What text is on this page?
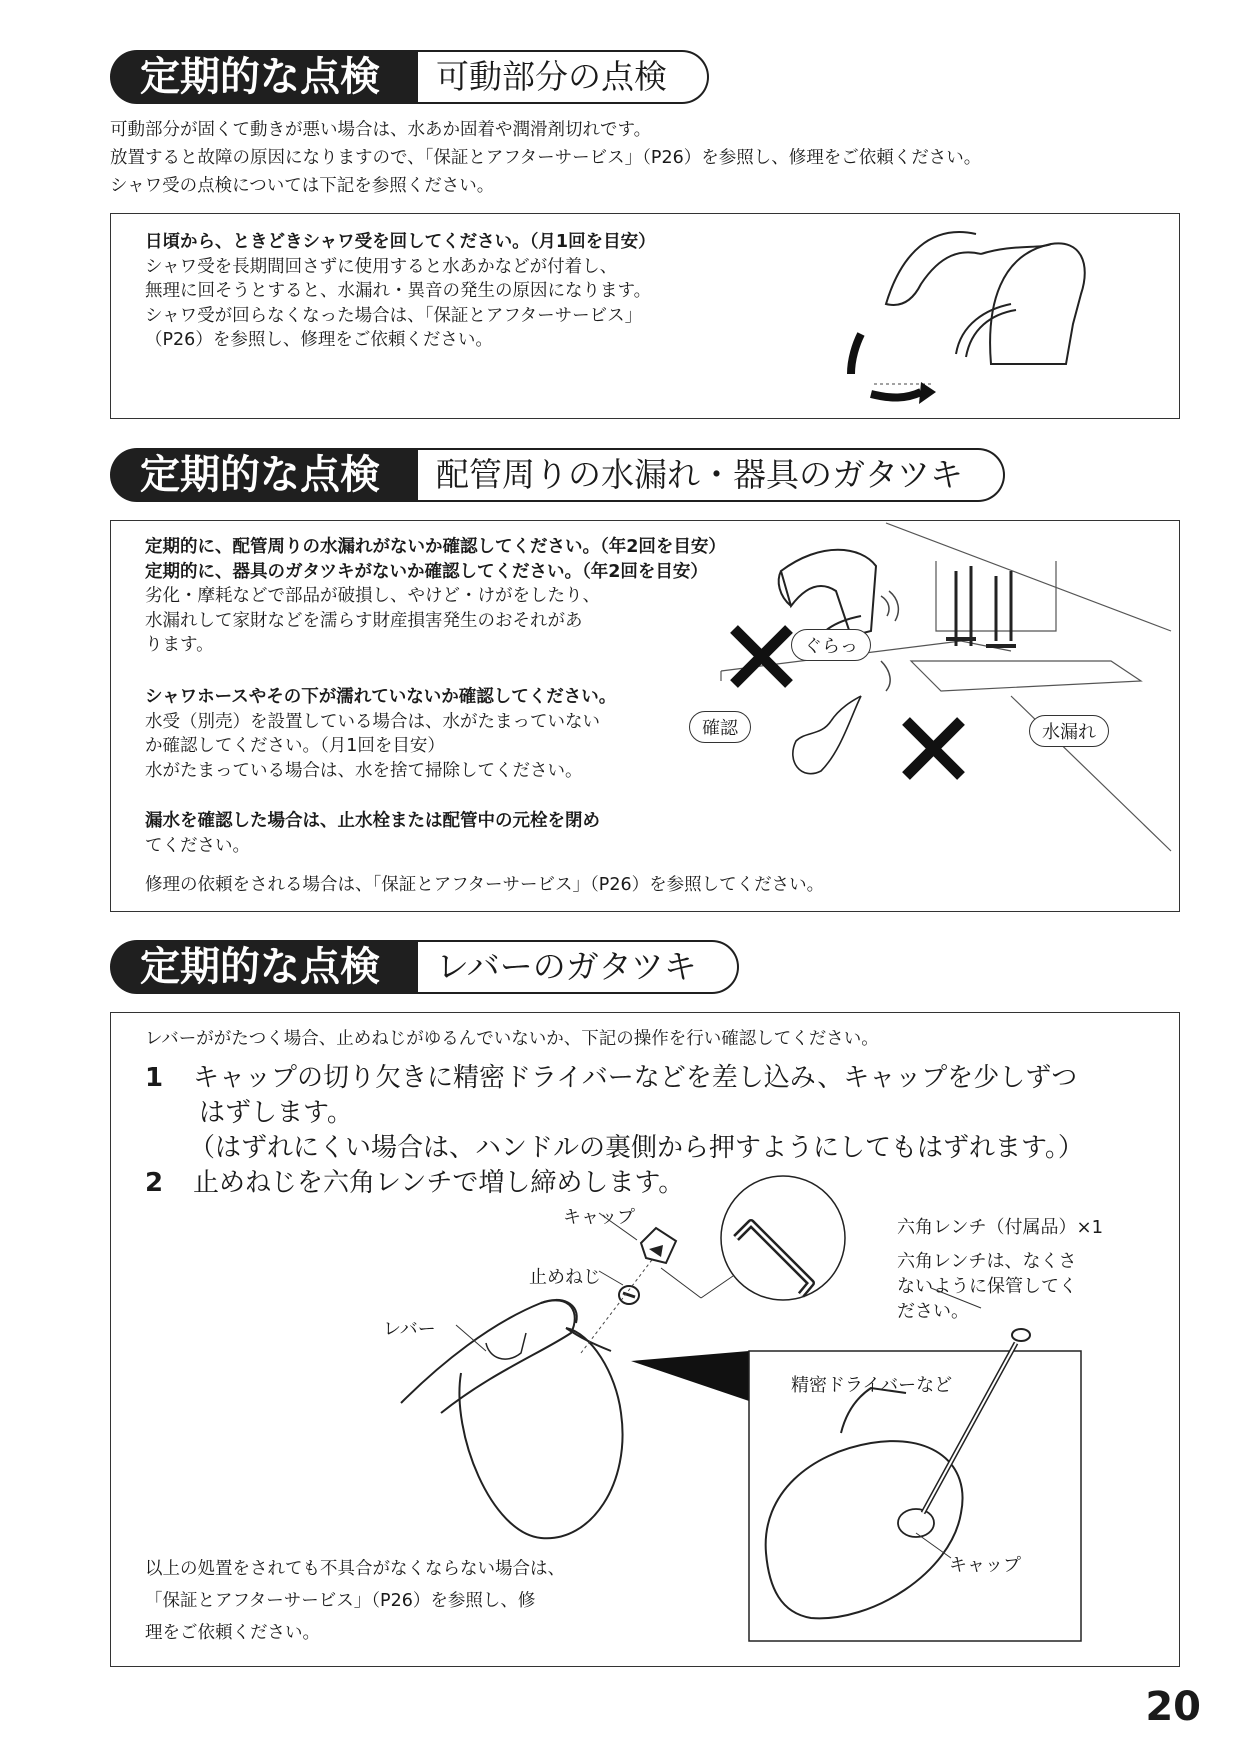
定期的な点検	可動部分の点検
可動部分が固くて動きが悪い場合は、水あか固着や潤滑剤切れです。
放置すると故障の原因になりますので、「保証とアフターサービス」（P26）を参照し、修理をご依頼ください。
シャワ受の点検については下記を参照ください。
日頃から、ときどきシャワ受を回してください。（月1回を目安）
シャワ受を長期間回さずに使用すると水あかなどが付着し、
無理に回そうとすると、水漏れ・異音の発生の原因になります。
シャワ受が回らなくなった場合は、「保証とアフターサービス」
（P26）を参照し、修理をご依頼ください。
定期的な点検	配管周りの水漏れ・器具のガタツキ
定期的に、配管周りの水漏れがないか確認してください。（年2回を目安）
定期的に、器具のガタツキがないか確認してください。（年2回を目安）
劣化・摩耗などで部品が破損し、やけど・けがをしたり、
水漏れして家財などを濡らす財産損害発生のおそれがあ
ります。
シャワホースやその下が濡れていないか確認してください。
水受（別売）を設置している場合は、水がたまっていない
か確認してください。（月1回を目安）
水がたまっている場合は、水を捨て掃除してください。
漏水を確認した場合は、止水栓または配管中の元栓を閉め
てください。
修理の依頼をされる場合は、「保証とアフターサービス」（P26）を参照してください。
ぐらっ
確認	水漏れ
定期的な点検	レバーのガタツキ
レバーががたつく場合、止めねじがゆるんでいないか、下記の操作を行い確認してください。
1 キャップの切り欠きに精密ドライバーなどを差し込み、キャップを少しずつ
はずします。
（はずれにくい場合は、ハンドルの裏側から押すようにしてもはずれます。）
2 止めねじを六角レンチで増し締めします。
キャップ
止めねじ
レバー
六角レンチ（付属品）×1
六角レンチは、なくさ
ないように保管してく
ださい。
精密ドライバーなど
キャップ
以上の処置をされても不具合がなくならない場合は、
「保証とアフターサービス」（P26）を参照し、修
理をご依頼ください。
20
